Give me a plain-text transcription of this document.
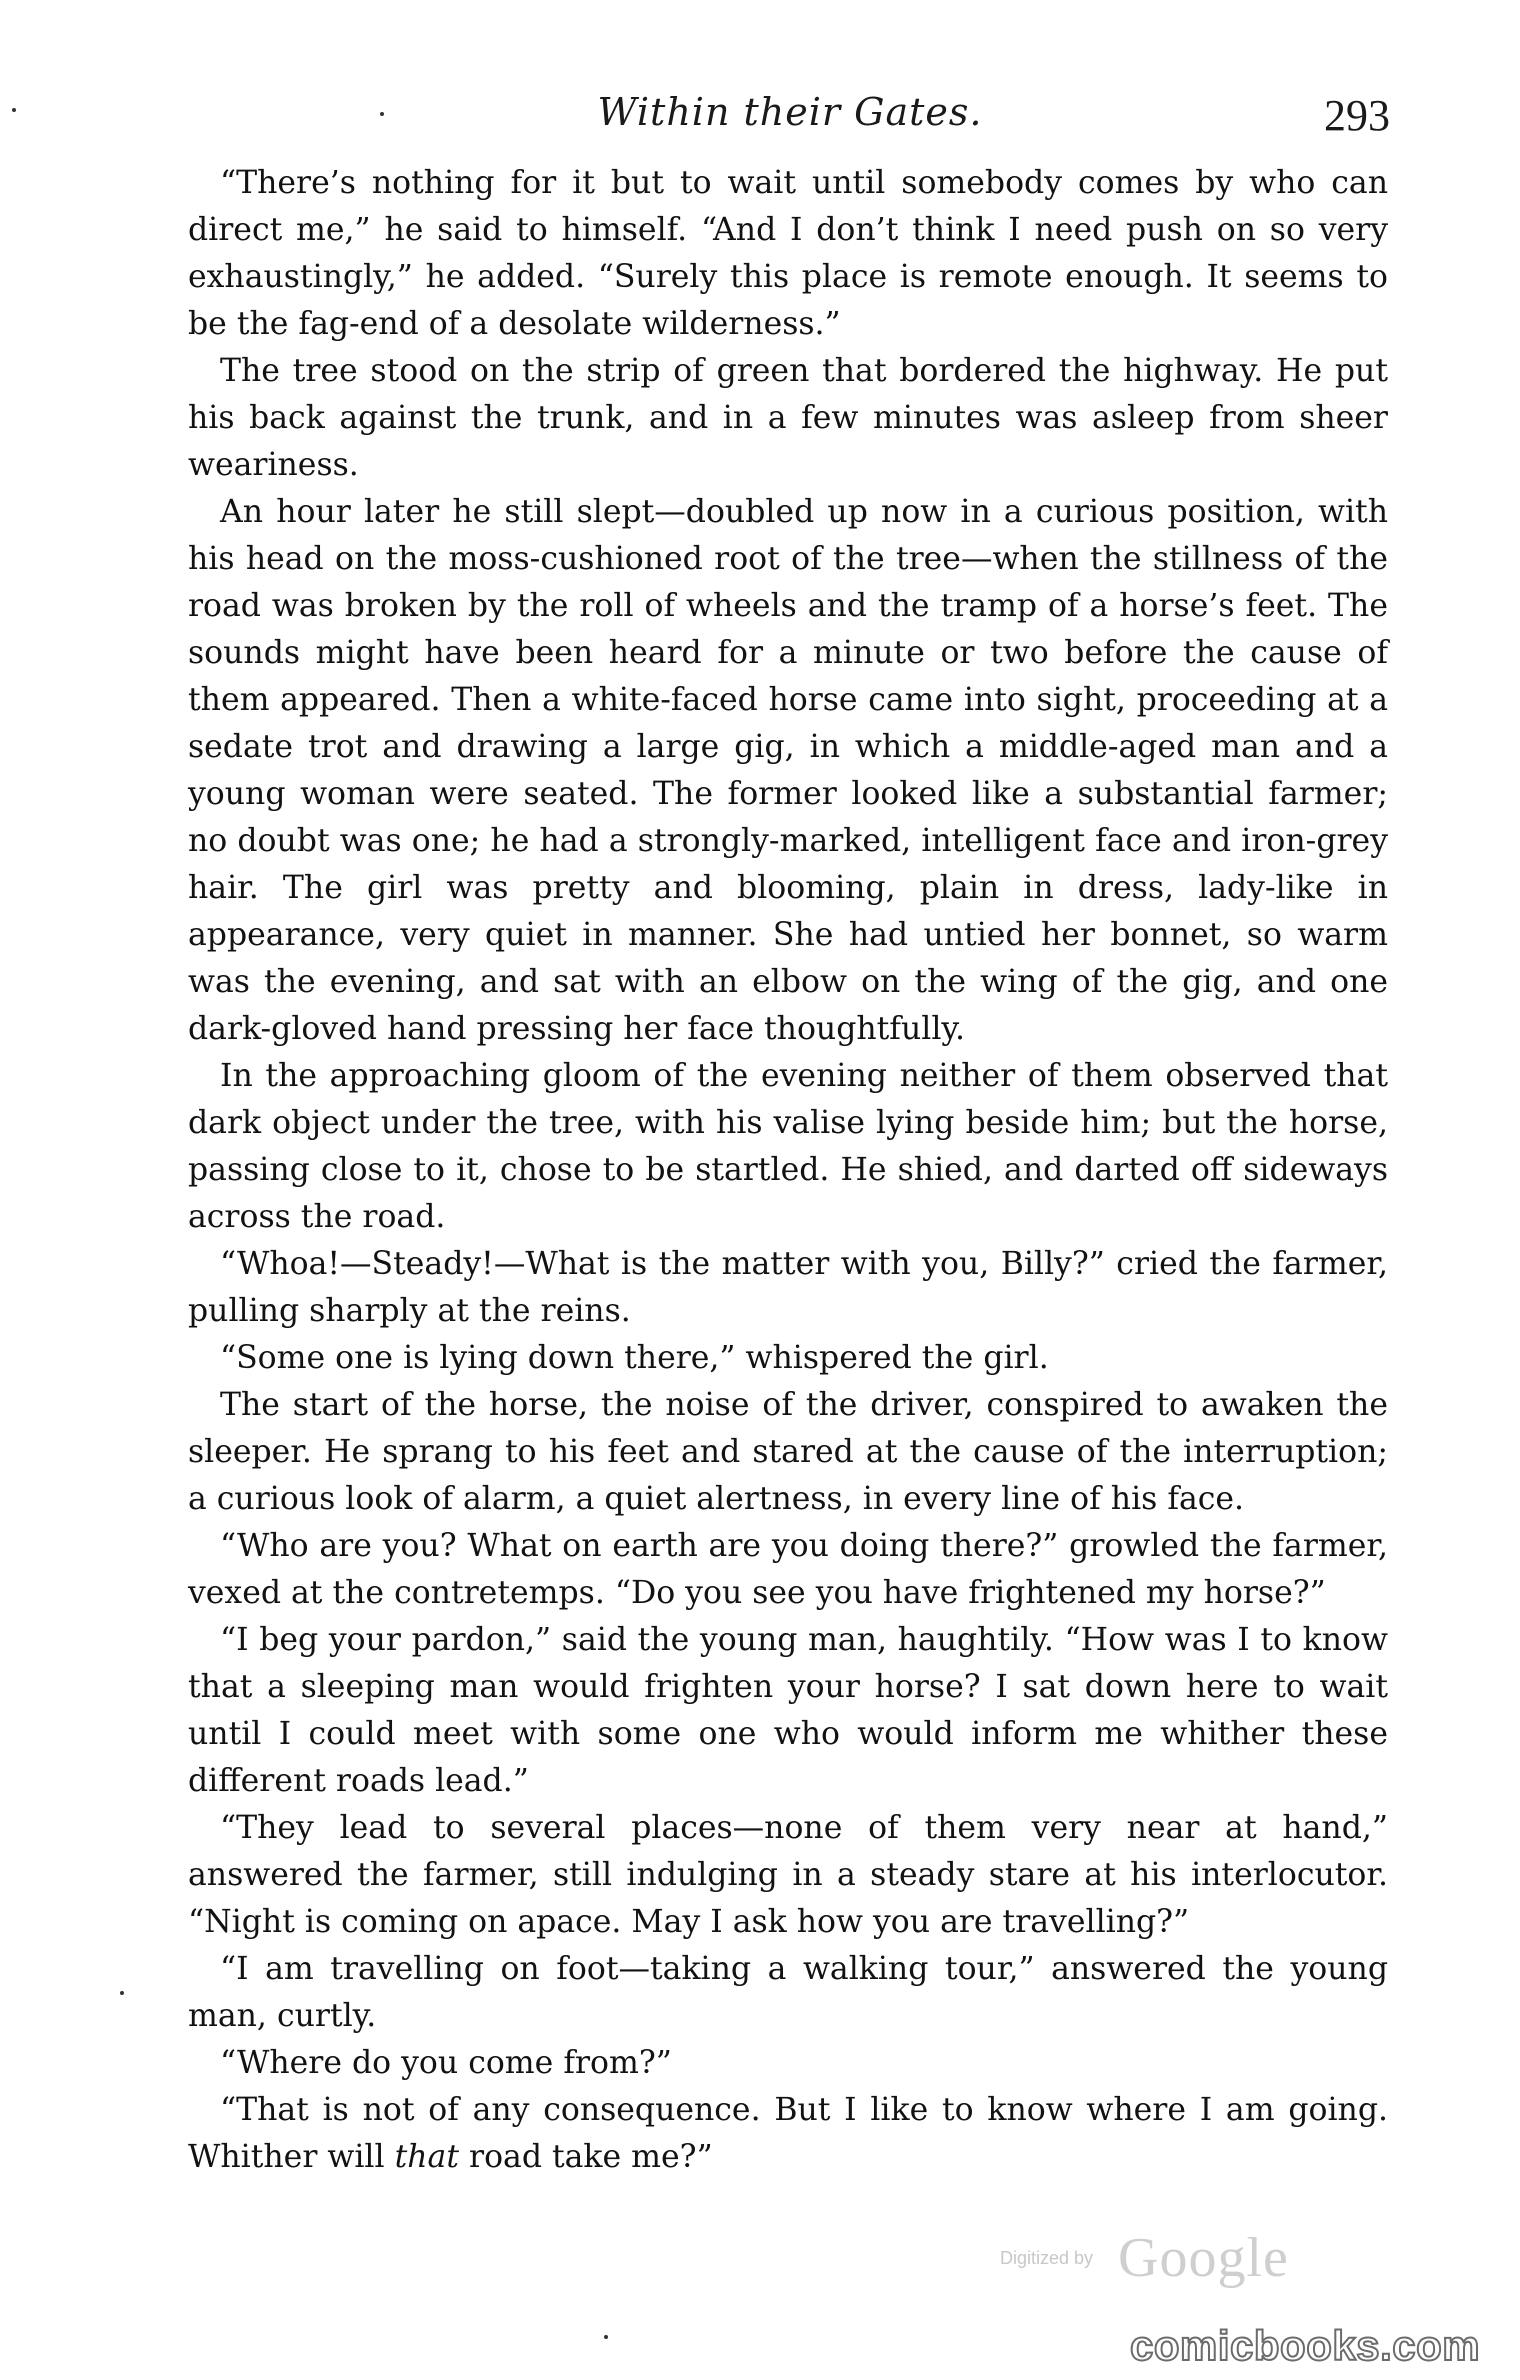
Within their Gates.	293

“There’s nothing for it but to wait until somebody comes by who can direct me,” he said to himself. “And I don’t think I need push on so very exhaustingly,” he added. “Surely this place is remote enough. It seems to be the fag-end of a desolate wilderness.”

The tree stood on the strip of green that bordered the highway. He put his back against the trunk, and in a few minutes was asleep from sheer weariness.

An hour later he still slept—doubled up now in a curious position, with his head on the moss-cushioned root of the tree—when the stillness of the road was broken by the roll of wheels and the tramp of a horse’s feet. The sounds might have been heard for a minute or two before the cause of them appeared. Then a white-faced horse came into sight, proceeding at a sedate trot and drawing a large gig, in which a middle-aged man and a young woman were seated. The former looked like a substantial farmer; no doubt was one; he had a strongly-marked, intelligent face and iron-grey hair. The girl was pretty and blooming, plain in dress, lady-like in appearance, very quiet in manner. She had untied her bonnet, so warm was the evening, and sat with an elbow on the wing of the gig, and one dark-gloved hand pressing her face thoughtfully.

In the approaching gloom of the evening neither of them observed that dark object under the tree, with his valise lying beside him; but the horse, passing close to it, chose to be startled. He shied, and darted off sideways across the road.

“Whoa!—Steady!—What is the matter with you, Billy?” cried the farmer, pulling sharply at the reins.

“Some one is lying down there,” whispered the girl.

The start of the horse, the noise of the driver, conspired to awaken the sleeper. He sprang to his feet and stared at the cause of the interruption; a curious look of alarm, a quiet alertness, in every line of his face.

“Who are you? What on earth are you doing there?” growled the farmer, vexed at the contretemps. “Do you see you have frightened my horse?”

“I beg your pardon,” said the young man, haughtily. “How was I to know that a sleeping man would frighten your horse? I sat down here to wait until I could meet with some one who would inform me whither these different roads lead.”

“They lead to several places—none of them very near at hand,” answered the farmer, still indulging in a steady stare at his interlocutor. “Night is coming on apace. May I ask how you are travelling?”

“I am travelling on foot—taking a walking tour,” answered the young man, curtly.

“Where do you come from?”

“That is not of any consequence. But I like to know where I am going. Whither will that road take me?”

Digitized by Google
comicbooks.com
